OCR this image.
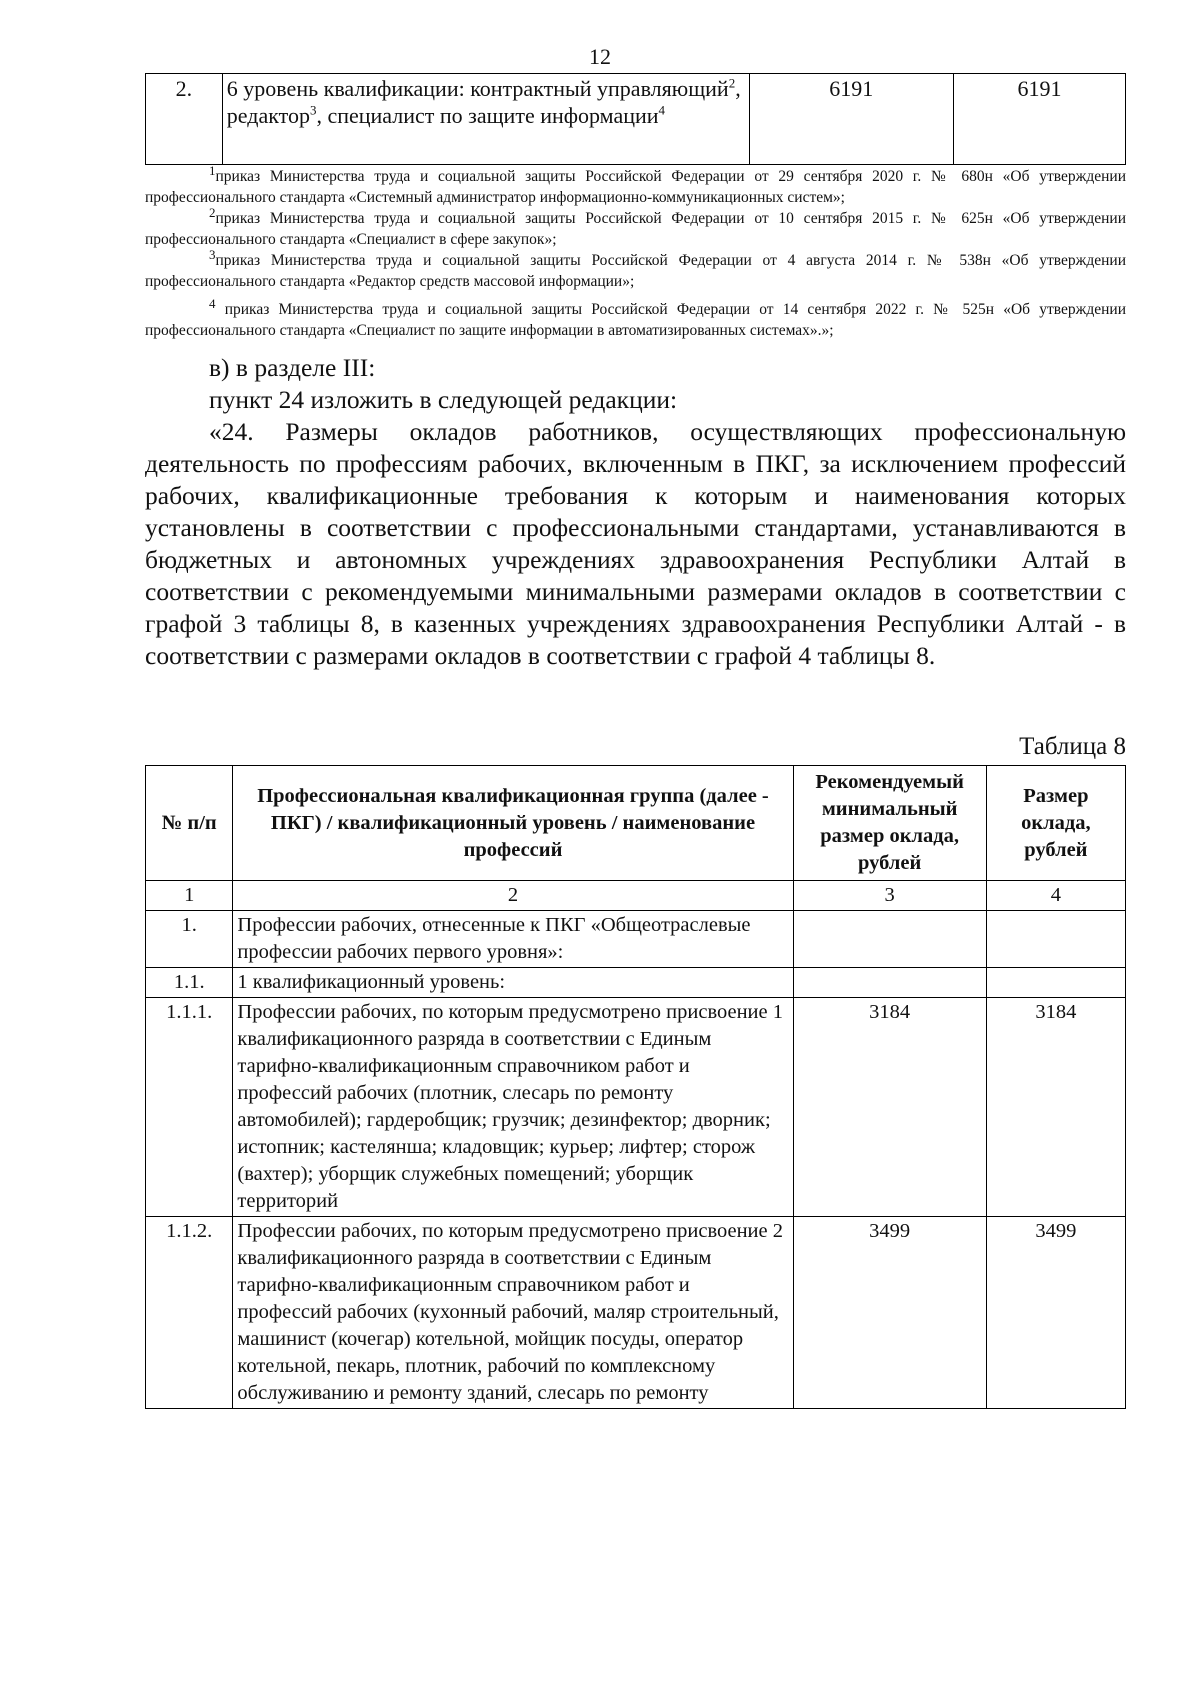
12
2.	6 уровень квалификации: контрактный управляющий$^2$, редактор$^3$, специалист по защите информации$^4$	6191	6191

$^1$приказ Министерства труда и социальной защиты Российской Федерации от 29 сентября 2020 г. № 680н «Об утверждении профессионального стандарта «Системный администратор информационно-коммуникационных систем»;

$^2$приказ Министерства труда и социальной защиты Российской Федерации от 10 сентября 2015 г. № 625н «Об утверждении профессионального стандарта «Специалист в сфере закупок»;

$^3$приказ Министерства труда и социальной защиты Российской Федерации от 4 августа 2014 г. № 538н «Об утверждении профессионального стандарта «Редактор средств массовой информации»;

$^4$ приказ Министерства труда и социальной защиты Российской Федерации от 14 сентября 2022 г. № 525н «Об утверждении профессионального стандарта «Специалист по защите информации в автоматизированных системах».»;

в) в разделе III:

пункт 24 изложить в следующей редакции:

«24. Размеры окладов работников, осуществляющих профессиональную деятельность по профессиям рабочих, включенным в ПКГ, за исключением профессий рабочих, квалификационные требования к которым и наименования которых установлены в соответствии с профессиональными стандартами, устанавливаются в бюджетных и автономных учреждениях здравоохранения Республики Алтай в соответствии с рекомендуемыми минимальными размерами окладов в соответствии с графой 3 таблицы 8, в казенных учреждениях здравоохранения Республики Алтай - в соответствии с размерами окладов в соответствии с графой 4 таблицы 8.

Таблица 8
№ п/п	Профессиональная квалификационная группа (далее - ПКГ) / квалификационный уровень / наименование профессий	Рекомендуемый минимальный размер оклада, рублей	Размер оклада, рублей
1	2	3	4
1.	Профессии рабочих, отнесенные к ПКГ «Общеотраслевые профессии рабочих первого уровня»:		
1.1.	1 квалификационный уровень:		
1.1.1.	Профессии рабочих, по которым предусмотрено присвоение 1 квалификационного разряда в соответствии с Единым тарифно-квалификационным справочником работ и профессий рабочих (плотник, слесарь по ремонту автомобилей); гардеробщик; грузчик; дезинфектор; дворник; истопник; кастелянша; кладовщик; курьер; лифтер; сторож (вахтер); уборщик служебных помещений; уборщик территорий	3184	3184
1.1.2.	Профессии рабочих, по которым предусмотрено присвоение 2 квалификационного разряда в соответствии с Единым тарифно-квалификационным справочником работ и профессий рабочих (кухонный рабочий, маляр строительный, машинист (кочегар) котельной, мойщик посуды, оператор котельной, пекарь, плотник, рабочий по комплексному обслуживанию и ремонту зданий, слесарь по ремонту	3499	3499
